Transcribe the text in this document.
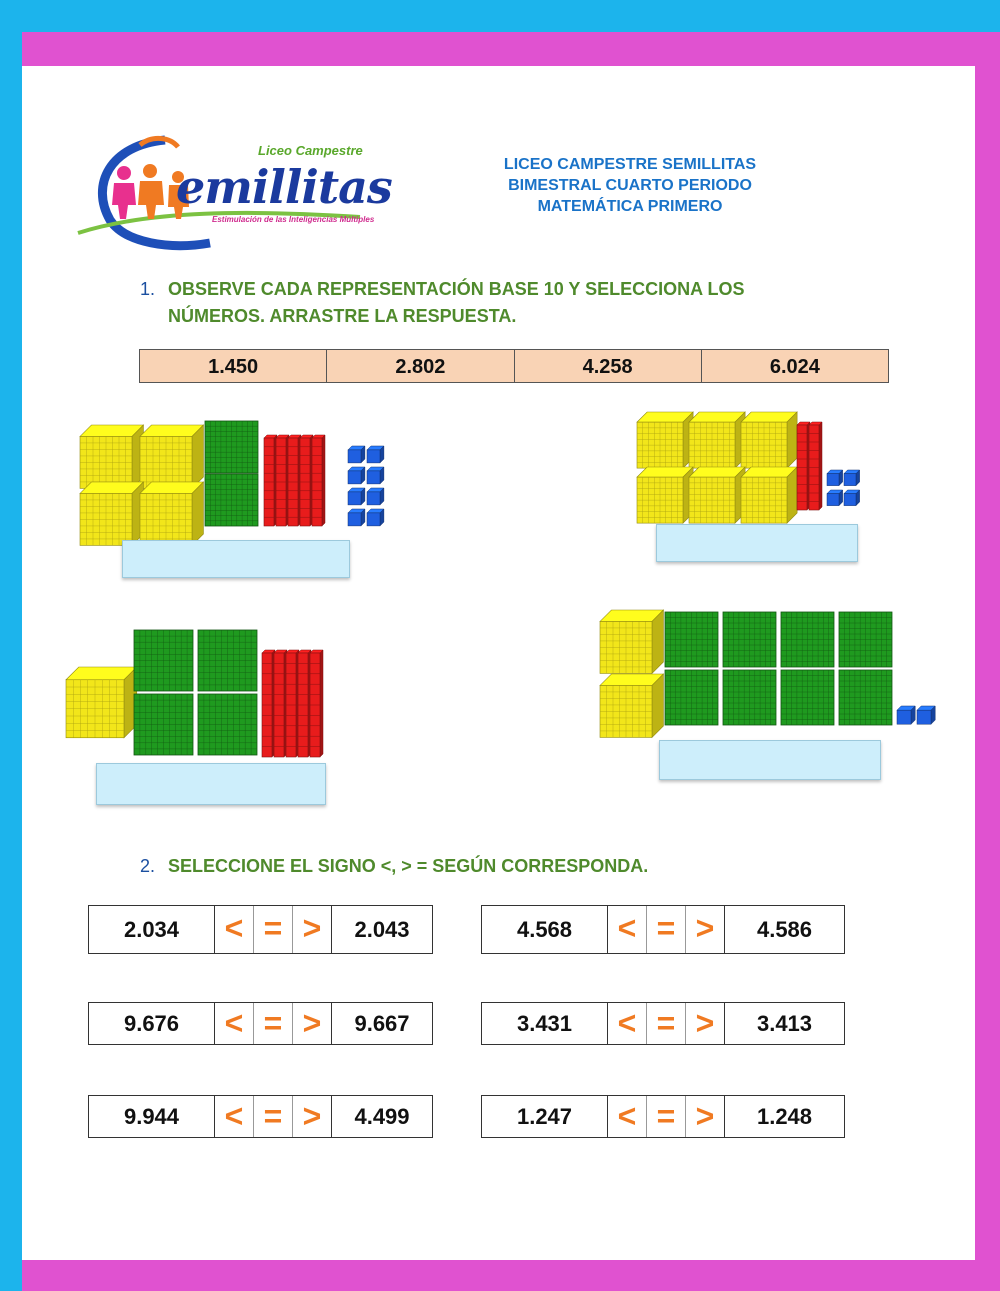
Liceo Campestre
emillitas
Estimulación de las Inteligencias Múltiples
LICEO CAMPESTRE SEMILLITAS
BIMESTRAL CUARTO PERIODO
MATEMÁTICA PRIMERO
1. OBSERVE CADA REPRESENTACIÓN BASE 10 Y SELECCIONA LOS
NÚMEROS. ARRASTRE LA RESPUESTA.
1.450	2.802	4.258	6.024
2. SELECCIONE EL SIGNO <, > = SEGÚN CORRESPONDA.
2.034	< = >	2.043	4.568	< = >	4.586
9.676	< = >	9.667	3.431	< = >	3.413
9.944	< = >	4.499	1.247	< = >	1.248
